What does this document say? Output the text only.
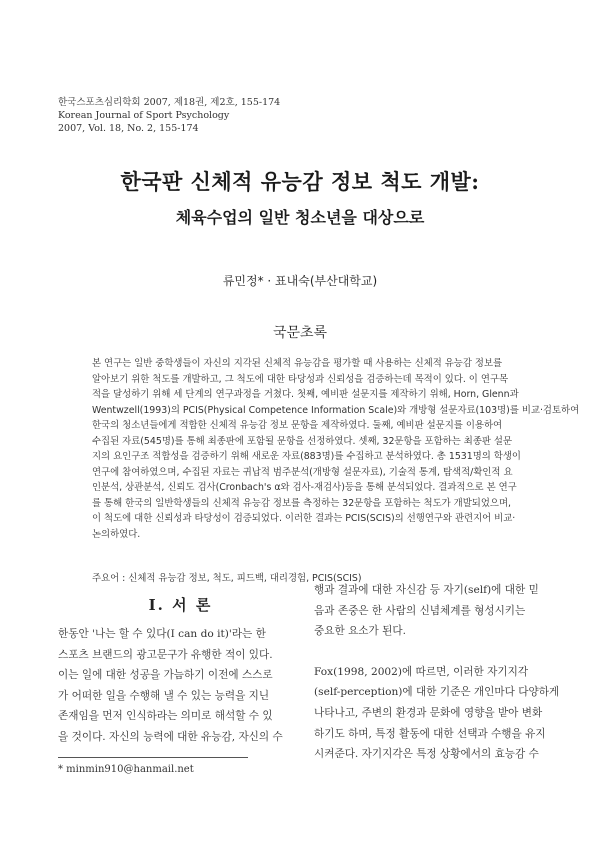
한국스포츠심리학회 2007, 제18권, 제2호, 155-174
Korean Journal of Sport Psychology
2007, Vol. 18, No. 2, 155-174
한국판 신체적 유능감 정보 척도 개발:
체육수업의 일반 청소년을 대상으로
류민정* · 표내숙(부산대학교)
국문초록
본 연구는 일반 중학생들이 자신의 지각된 신체적 유능감을 평가할 때 사용하는 신체적 유능감 정보를
알아보기 위한 척도를 개발하고, 그 척도에 대한 타당성과 신뢰성을 검증하는데 목적이 있다. 이 연구목
적을 달성하기 위해 세 단계의 연구과정을 거쳤다. 첫째, 예비판 설문지를 제작하기 위해, Horn, Glenn과
Wentwzell(1993)의 PCIS(Physical Competence Information Scale)와 개방형 설문자료(103명)를 비교·검토하여
한국의 청소년들에게 적합한 신체적 유능감 정보 문항을 제작하였다. 둘째, 예비판 설문지를 이용하여
수집된 자료(545명)를 통해 최종판에 포함될 문항을 선정하였다. 셋째, 32문항을 포함하는 최종판 설문
지의 요인구조 적합성을 검증하기 위해 새로운 자료(883명)를 수집하고 분석하였다. 총 1531명의 학생이
연구에 참여하였으며, 수집된 자료는 귀납적 범주분석(개방형 설문자료), 기술적 통계, 탐색적/확인적 요
인분석, 상관분석, 신뢰도 검사(Cronbach's α와 검사-재검사)등을 통해 분석되었다. 결과적으로 본 연구
를 통해 한국의 일반학생들의 신체적 유능감 정보를 측정하는 32문항을 포함하는 척도가 개발되었으며,
이 척도에 대한 신뢰성과 타당성이 검증되었다. 이러한 결과는 PCIS(SCIS)의 선행연구와 관련지어 비교·
논의하였다.
주요어 : 신체적 유능감 정보, 척도, 피드백, 대리경험, PCIS(SCIS)
I. 서 론
한동안 '나는 할 수 있다(I can do it)'라는 한
스포츠 브랜드의 광고문구가 유행한 적이 있다.
이는 일에 대한 성공을 가늠하기 이전에 스스로
가 어떠한 일을 수행해 낼 수 있는 능력을 지닌
존재임을 먼저 인식하라는 의미로 해석할 수 있
을 것이다. 자신의 능력에 대한 유능감, 자신의 수
행과 결과에 대한 자신감 등 자기(self)에 대한 믿
음과 존중은 한 사람의 신념체계를 형성시키는
중요한 요소가 된다.
Fox(1998, 2002)에 따르면, 이러한 자기지각
(self-perception)에 대한 기준은 개인마다 다양하게
나타나고, 주변의 환경과 문화에 영향을 받아 변화
하기도 하며, 특정 활동에 대한 선택과 수행을 유지
시켜준다. 자기지각은 특정 상황에서의 효능감 수
* minmin910@hanmail.net
